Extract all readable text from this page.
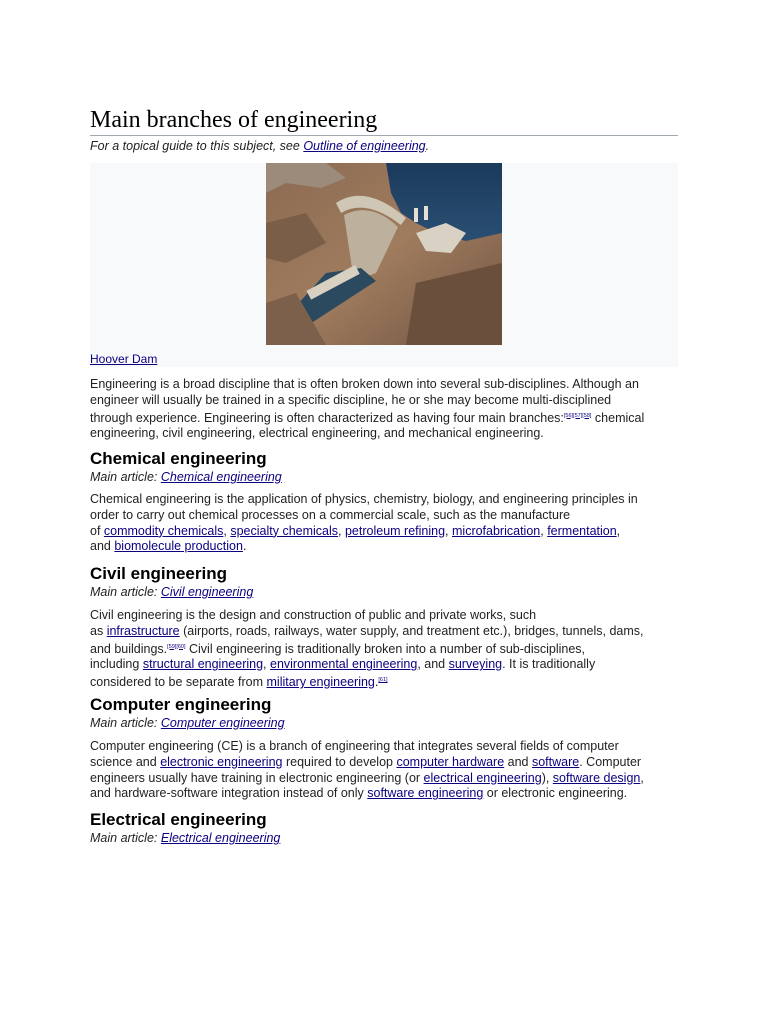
Main branches of engineering
For a topical guide to this subject, see Outline of engineering.
Hoover Dam
Engineering is a broad discipline that is often broken down into several sub-disciplines. Although an
engineer will usually be trained in a specific discipline, he or she may become multi-disciplined
through experience. Engineering is often characterized as having four main branches:[56][57][58] chemical
engineering, civil engineering, electrical engineering, and mechanical engineering.
Chemical engineering
Main article: Chemical engineering
Chemical engineering is the application of physics, chemistry, biology, and engineering principles in
order to carry out chemical processes on a commercial scale, such as the manufacture
of commodity chemicals, specialty chemicals, petroleum refining, microfabrication, fermentation,
and biomolecule production.
Civil engineering
Main article: Civil engineering
Civil engineering is the design and construction of public and private works, such
as infrastructure (airports, roads, railways, water supply, and treatment etc.), bridges, tunnels, dams,
and buildings.[59][60] Civil engineering is traditionally broken into a number of sub-disciplines,
including structural engineering, environmental engineering, and surveying. It is traditionally
considered to be separate from military engineering.[61]
Computer engineering
Main article: Computer engineering
Computer engineering (CE) is a branch of engineering that integrates several fields of computer
science and electronic engineering required to develop computer hardware and software. Computer
engineers usually have training in electronic engineering (or electrical engineering), software design,
and hardware-software integration instead of only software engineering or electronic engineering.
Electrical engineering
Main article: Electrical engineering
